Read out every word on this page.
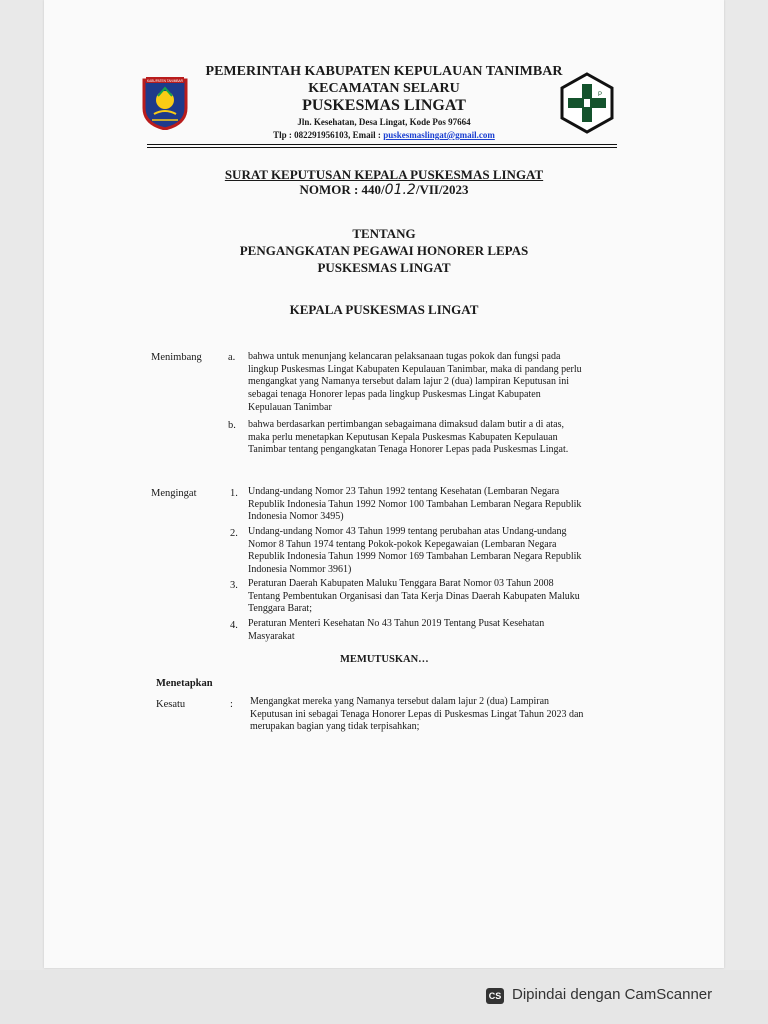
KABUPATEN TANIMBAR
P
PEMERINTAH KABUPATEN KEPULAUAN TANIMBAR
KECAMATAN SELARU
PUSKESMAS LINGAT
Jln. Kesehatan, Desa Lingat, Kode Pos 97664
Tlp : 082291956103, Email : puskesmaslingat@gmail.com
SURAT KEPUTUSAN KEPALA PUSKESMAS LINGAT
NOMOR : 440/01.2/VII/2023
TENTANG
PENGANGKATAN PEGAWAI HONORER LEPAS
PUSKESMAS LINGAT
KEPALA PUSKESMAS LINGAT
Menimbang	a. bahwa untuk menunjang kelancaran pelaksanaan tugas pokok dan fungsi pada
lingkup Puskesmas Lingat Kabupaten Kepulauan Tanimbar, maka di pandang perlu
mengangkat yang Namanya tersebut dalam lajur 2 (dua) lampiran Keputusan ini
sebagai tenaga Honorer lepas pada lingkup Puskesmas Lingat Kabupaten
Kepulauan Tanimbar
b. bahwa berdasarkan pertimbangan sebagaimana dimaksud dalam butir a di atas,
maka perlu menetapkan Keputusan Kepala Puskesmas Kabupaten Kepulauan
Tanimbar tentang pengangkatan Tenaga Honorer Lepas pada Puskesmas Lingat.
Mengingat	1. Undang-undang Nomor 23 Tahun 1992 tentang Kesehatan (Lembaran Negara
Republik Indonesia Tahun 1992 Nomor 100 Tambahan Lembaran Negara Republik
Indonesia Nomor 3495)
2. Undang-undang Nomor 43 Tahun 1999 tentang perubahan atas Undang-undang
Nomor 8 Tahun 1974 tentang Pokok-pokok Kepegawaian (Lembaran Negara
Republik Indonesia Tahun 1999 Nomor 169 Tambahan Lembaran Negara Republik
Indonesia Nommor 3961)
3. Peraturan Daerah Kabupaten Maluku Tenggara Barat Nomor 03 Tahun 2008
Tentang Pembentukan Organisasi dan Tata Kerja Dinas Daerah Kabupaten Maluku
Tenggara Barat;
4. Peraturan Menteri Kesehatan No 43 Tahun 2019 Tentang Pusat Kesehatan
Masyarakat
MEMUTUSKAN…
Menetapkan
Kesatu	: Mengangkat mereka yang Namanya tersebut dalam lajur 2 (dua) Lampiran
Keputusan ini sebagai Tenaga Honorer Lepas di Puskesmas Lingat Tahun 2023 dan
merupakan bagian yang tidak terpisahkan;
CS Dipindai dengan CamScanner
